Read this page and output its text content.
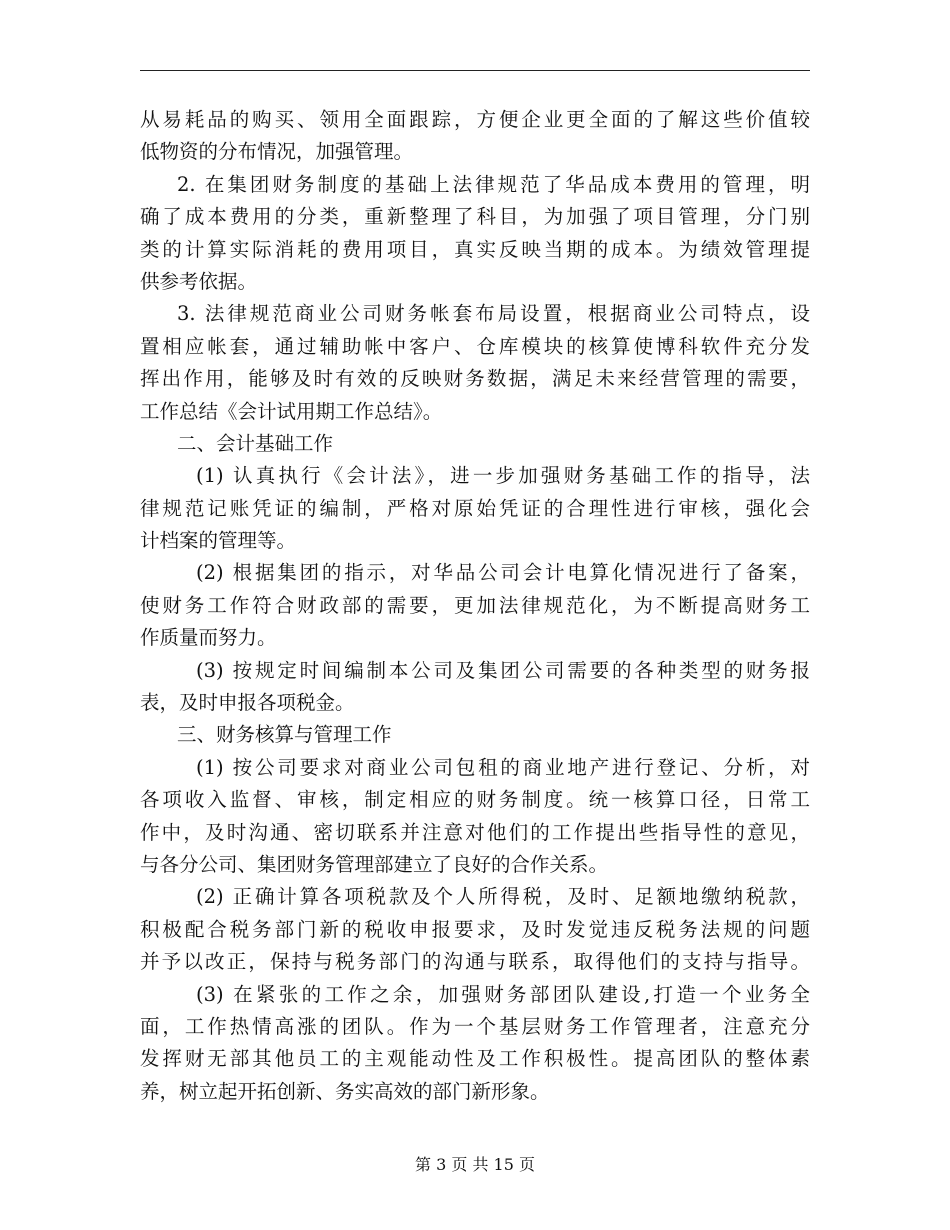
从易耗品的购买、领用全面跟踪，方便企业更全面的了解这些价值较
低物资的分布情况，加强管理。
2. 在集团财务制度的基础上法律规范了华品成本费用的管理，明
确了成本费用的分类，重新整理了科目，为加强了项目管理，分门别
类的计算实际消耗的费用项目，真实反映当期的成本。为绩效管理提
供参考依据。
3. 法律规范商业公司财务帐套布局设置，根据商业公司特点，设
置相应帐套，通过辅助帐中客户、仓库模块的核算使博科软件充分发
挥出作用，能够及时有效的反映财务数据，满足未来经营管理的需要，
工作总结《会计试用期工作总结》。
二、会计基础工作
(1) 认真执行《会计法》，进一步加强财务基础工作的指导，法
律规范记账凭证的编制，严格对原始凭证的合理性进行审核，强化会
计档案的管理等。
(2) 根据集团的指示，对华品公司会计电算化情况进行了备案，
使财务工作符合财政部的需要，更加法律规范化，为不断提高财务工
作质量而努力。
(3) 按规定时间编制本公司及集团公司需要的各种类型的财务报
表，及时申报各项税金。
三、财务核算与管理工作
(1) 按公司要求对商业公司包租的商业地产进行登记、分析，对
各项收入监督、审核，制定相应的财务制度。统一核算口径，日常工
作中，及时沟通、密切联系并注意对他们的工作提出些指导性的意见，
与各分公司、集团财务管理部建立了良好的合作关系。
(2) 正确计算各项税款及个人所得税，及时、足额地缴纳税款，
积极配合税务部门新的税收申报要求，及时发觉违反税务法规的问题
并予以改正，保持与税务部门的沟通与联系，取得他们的支持与指导。
(3) 在紧张的工作之余，加强财务部团队建设,打造一个业务全
面，工作热情高涨的团队。作为一个基层财务工作管理者，注意充分
发挥财无部其他员工的主观能动性及工作积极性。提高团队的整体素
养，树立起开拓创新、务实高效的部门新形象。
第 3 页 共 15 页
